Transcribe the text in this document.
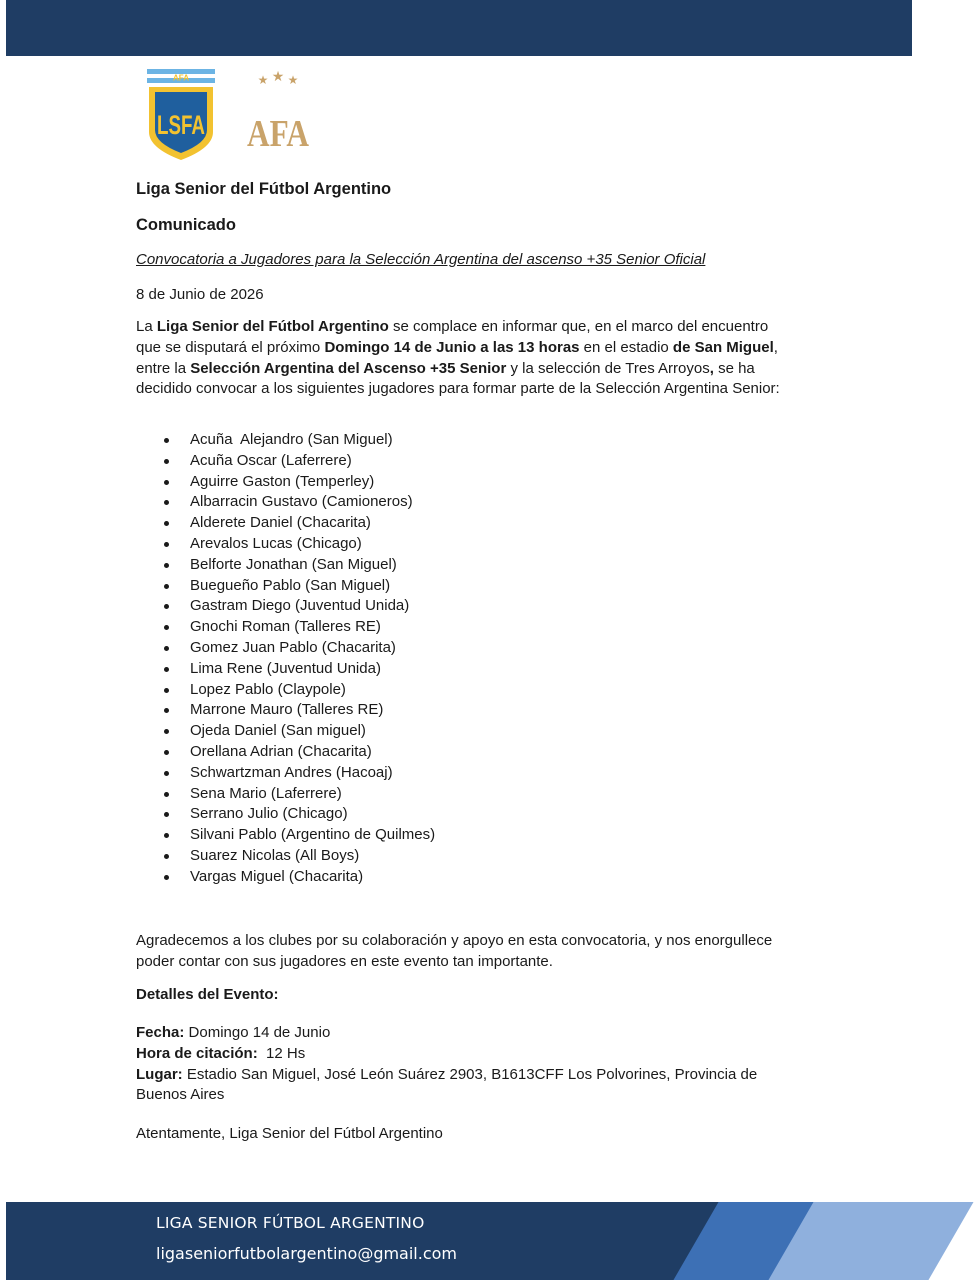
AFA
LSFA
★ ★ ★
AFA
Liga Senior del Fútbol Argentino
Comunicado
Convocatoria a Jugadores para la Selección Argentina del ascenso +35 Senior Oficial
8 de Junio de 2026
La Liga Senior del Fútbol Argentino se complace en informar que, en el marco del encuentro que se disputará el próximo Domingo 14 de Junio a las 13 horas en el estadio de San Miguel, entre la Selección Argentina del Ascenso +35 Senior y la selección de Tres Arroyos, se ha decidido convocar a los siguientes jugadores para formar parte de la Selección Argentina Senior:
Acuña  Alejandro (San Miguel)
Acuña Oscar (Laferrere)
Aguirre Gaston (Temperley)
Albarracin Gustavo (Camioneros)
Alderete Daniel (Chacarita)
Arevalos Lucas (Chicago)
Belforte Jonathan (San Miguel)
Buegueño Pablo (San Miguel)
Gastram Diego (Juventud Unida)
Gnochi Roman (Talleres RE)
Gomez Juan Pablo (Chacarita)
Lima Rene (Juventud Unida)
Lopez Pablo (Claypole)
Marrone Mauro (Talleres RE)
Ojeda Daniel (San miguel)
Orellana Adrian (Chacarita)
Schwartzman Andres (Hacoaj)
Sena Mario (Laferrere)
Serrano Julio (Chicago)
Silvani Pablo (Argentino de Quilmes)
Suarez Nicolas (All Boys)
Vargas Miguel (Chacarita)
Agradecemos a los clubes por su colaboración y apoyo en esta convocatoria, y nos enorgullece poder contar con sus jugadores en este evento tan importante.
Detalles del Evento:
Fecha: Domingo 14 de Junio
Hora de citación:  12 Hs
Lugar: Estadio San Miguel, José León Suárez 2903, B1613CFF Los Polvorines, Provincia de Buenos Aires
Atentamente, Liga Senior del Fútbol Argentino
LIGA SENIOR FÚTBOL ARGENTINO
ligaseniorfutbolargentino@gmail.com
